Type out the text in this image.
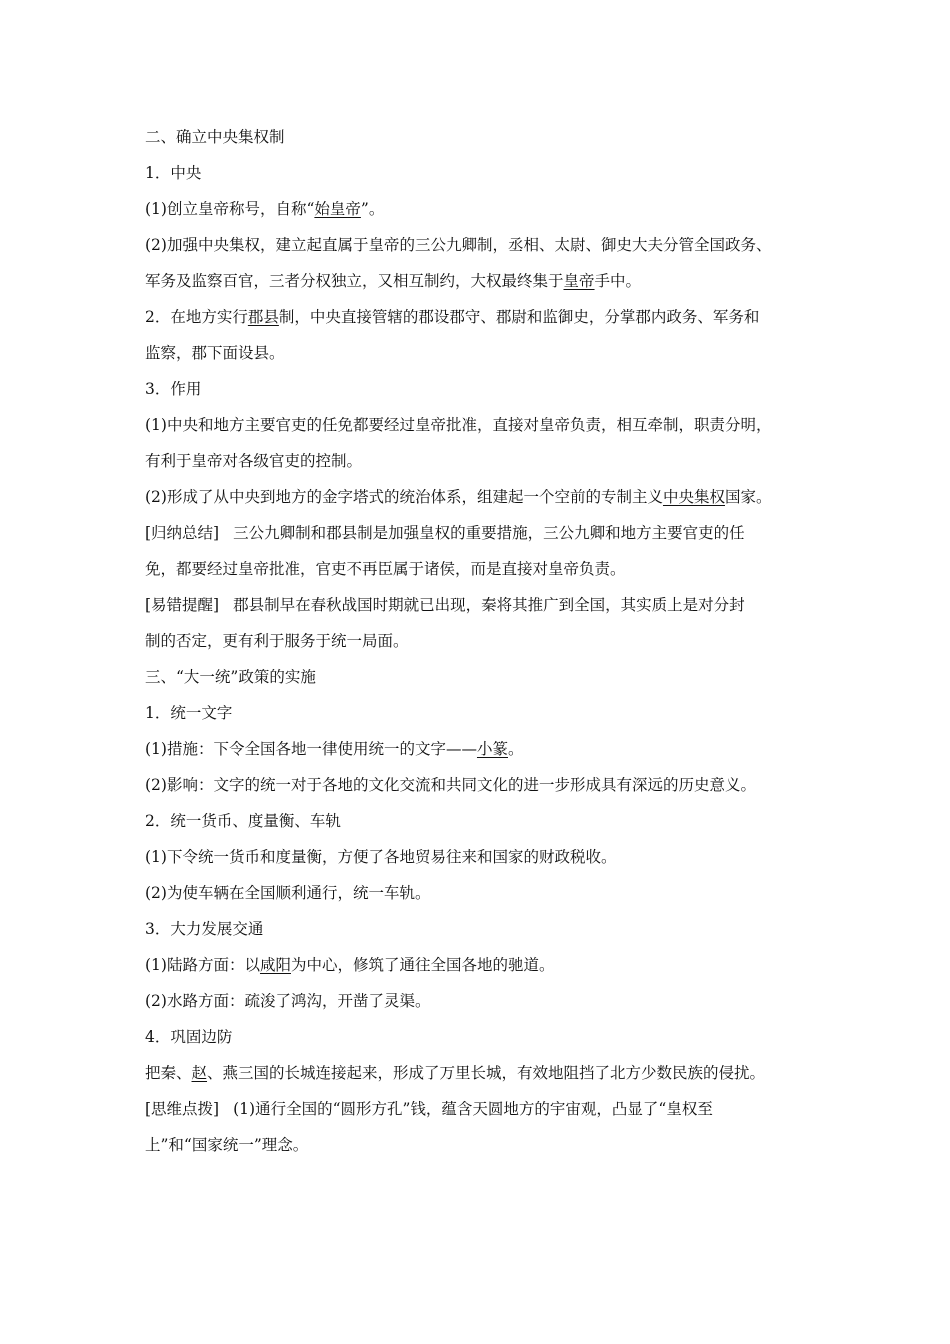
二、确立中央集权制

1．中央

(1)创立皇帝称号，自称“始皇帝”。

(2)加强中央集权，建立起直属于皇帝的三公九卿制，丞相、太尉、御史大夫分管全国政务、

军务及监察百官，三者分权独立，又相互制约，大权最终集于皇帝手中。

2．在地方实行郡县制，中央直接管辖的郡设郡守、郡尉和监御史，分掌郡内政务、军务和

监察，郡下面设县。

3．作用

(1)中央和地方主要官吏的任免都要经过皇帝批准，直接对皇帝负责，相互牵制，职责分明，

有利于皇帝对各级官吏的控制。

(2)形成了从中央到地方的金字塔式的统治体系，组建起一个空前的专制主义中央集权国家。

[归纳总结] 三公九卿制和郡县制是加强皇权的重要措施，三公九卿和地方主要官吏的任

免，都要经过皇帝批准，官吏不再臣属于诸侯，而是直接对皇帝负责。

[易错提醒] 郡县制早在春秋战国时期就已出现，秦将其推广到全国，其实质上是对分封

制的否定，更有利于服务于统一局面。

三、“大一统”政策的实施

1．统一文字

(1)措施：下令全国各地一律使用统一的文字——小篆。

(2)影响：文字的统一对于各地的文化交流和共同文化的进一步形成具有深远的历史意义。

2．统一货币、度量衡、车轨

(1)下令统一货币和度量衡，方便了各地贸易往来和国家的财政税收。

(2)为使车辆在全国顺利通行，统一车轨。

3．大力发展交通

(1)陆路方面：以咸阳为中心，修筑了通往全国各地的驰道。

(2)水路方面：疏浚了鸿沟，开凿了灵渠。

4．巩固边防

把秦、赵、燕三国的长城连接起来，形成了万里长城，有效地阻挡了北方少数民族的侵扰。

[思维点拨] (1)通行全国的“圆形方孔”钱，蕴含天圆地方的宇宙观，凸显了“皇权至

上”和“国家统一”理念。
